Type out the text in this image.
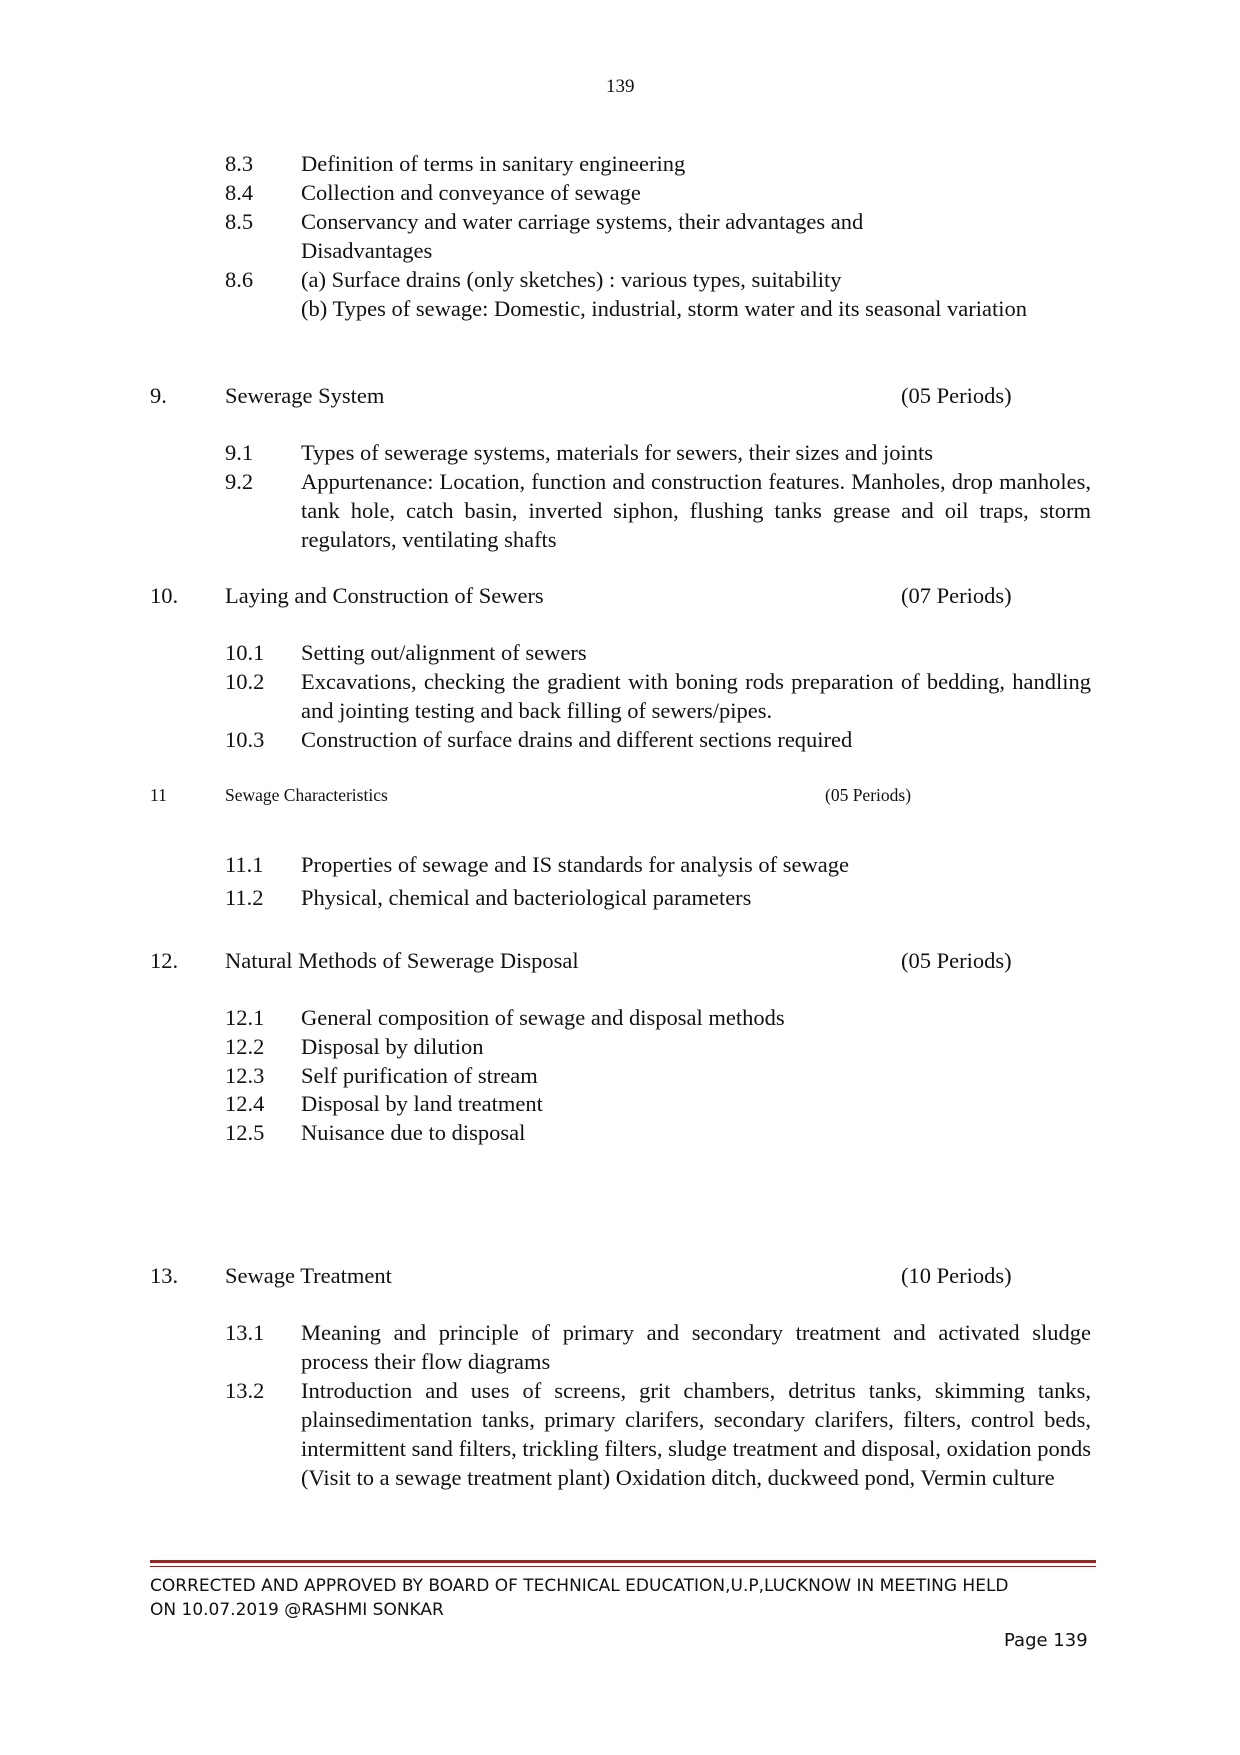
139
8.3 Definition of terms in sanitary engineering
8.4 Collection and conveyance of sewage
8.5 Conservancy and water carriage systems, their advantages and Disadvantages
8.6 (a) Surface drains (only sketches) : various types, suitability
(b) Types of sewage: Domestic, industrial, storm water and its seasonal variation
9.	Sewerage System	(05 Periods)
9.1 Types of sewerage systems, materials for sewers, their sizes and joints
9.2 Appurtenance: Location, function and construction features. Manholes, drop manholes, tank hole, catch basin, inverted siphon, flushing tanks grease and oil traps, storm regulators, ventilating shafts
10. Laying and Construction of Sewers	(07 Periods)
10.1 Setting out/alignment of sewers
10.2 Excavations, checking the gradient with boning rods preparation of bedding, handling and jointing testing and back filling of sewers/pipes.
10.3 Construction of surface drains and different sections required
11	Sewage Characteristics	(05 Periods)
11.1 Properties of sewage and IS standards for analysis of sewage
11.2 Physical, chemical and bacteriological parameters
12. Natural Methods of Sewerage Disposal	(05 Periods)
12.1 General composition of sewage and disposal methods
12.2 Disposal by dilution
12.3 Self purification of stream
12.4 Disposal by land treatment
12.5 Nuisance due to disposal
13. Sewage Treatment	(10 Periods)
13.1 Meaning and principle of primary and secondary treatment and activated sludge process their flow diagrams
13.2 Introduction and uses of screens, grit chambers, detritus tanks, skimming tanks, plainsedimentation tanks, primary clarifers, secondary clarifers, filters, control beds, intermittent sand filters, trickling filters, sludge treatment and disposal, oxidation ponds (Visit to a sewage treatment plant) Oxidation ditch, duckweed pond, Vermin culture
CORRECTED AND APPROVED BY BOARD OF TECHNICAL EDUCATION,U.P,LUCKNOW IN MEETING HELD
ON 10.07.2019 @RASHMI SONKAR
Page 139
